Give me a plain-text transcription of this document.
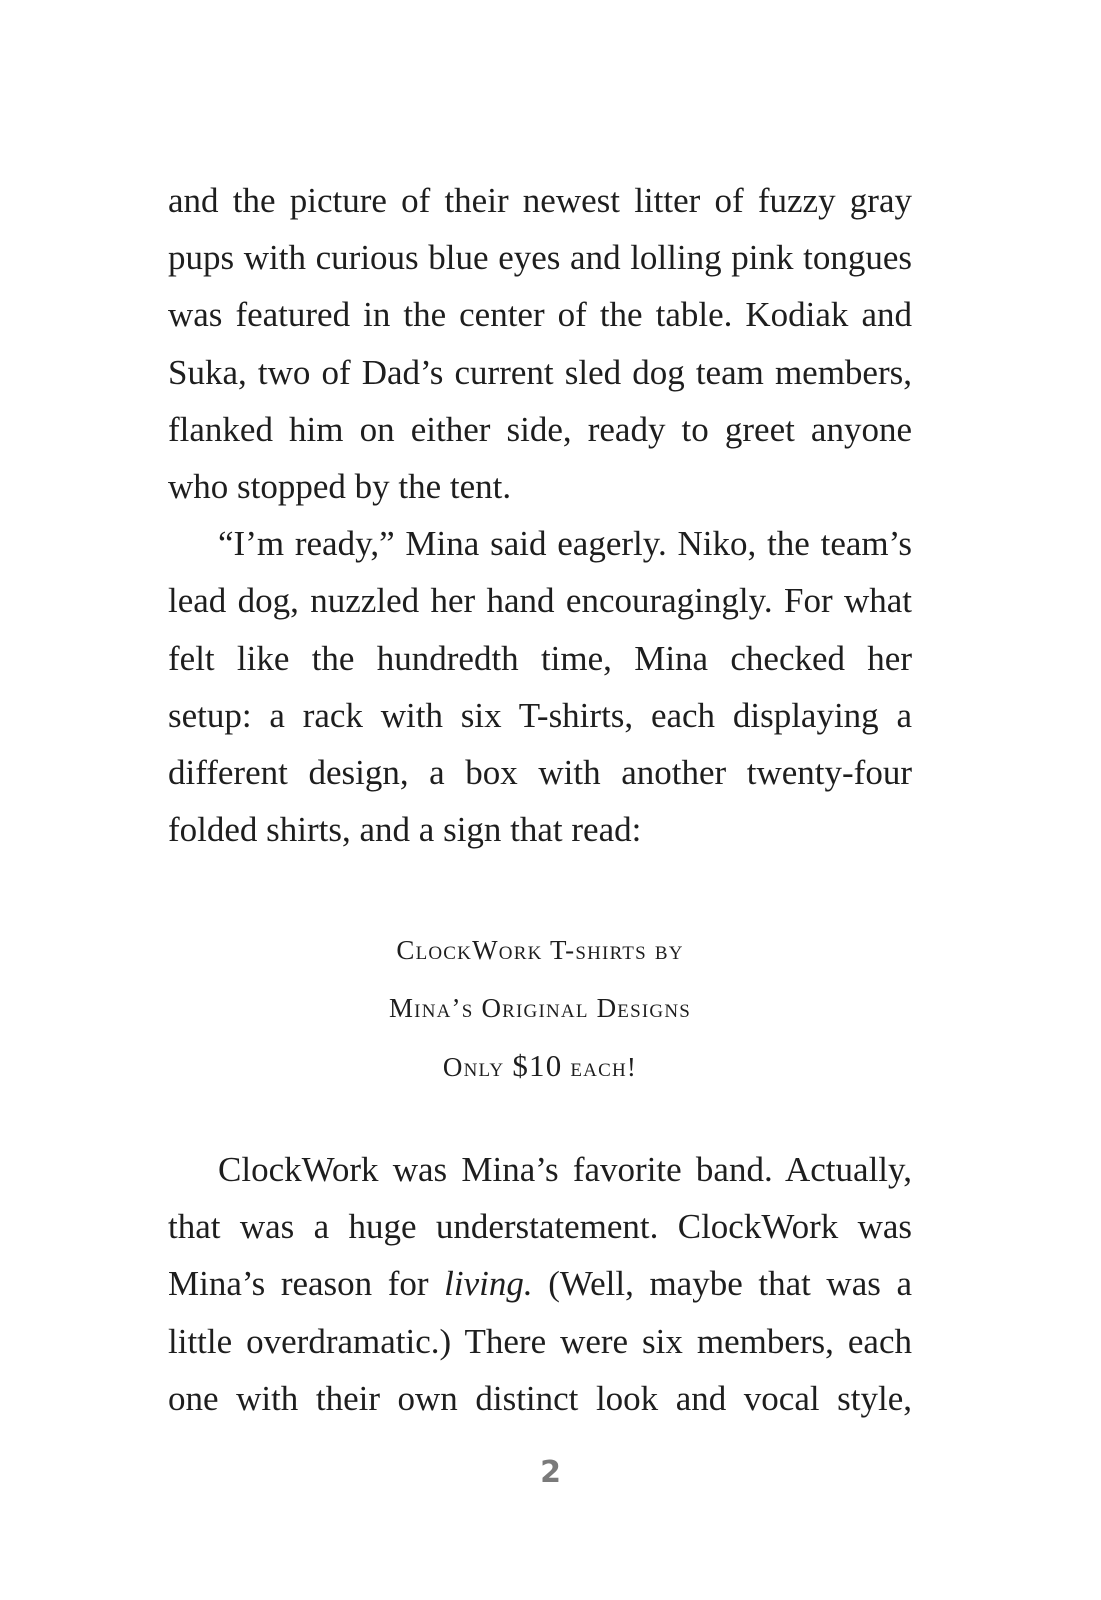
and the picture of their newest litter of fuzzy gray

pups with curious blue eyes and lolling pink tongues

was featured in the center of the table. Kodiak and

Suka, two of Dad’s current sled dog team members,

flanked him on either side, ready to greet anyone

who stopped by the tent.

“I’m ready,” Mina said eagerly. Niko, the team’s

lead dog, nuzzled her hand encouragingly. For what

felt like the hundredth time, Mina checked her

setup: a rack with six T-shirts, each displaying a

different design, a box with another twenty-four

folded shirts, and a sign that read:

ClockWork T-shirts by
Mina’s Original Designs
Only $10 each!

ClockWork was Mina’s favorite band. Actually,

that was a huge understatement. ClockWork was

Mina’s reason for living. (Well, maybe that was a

little overdramatic.) There were six members, each

one with their own distinct look and vocal style,

2
